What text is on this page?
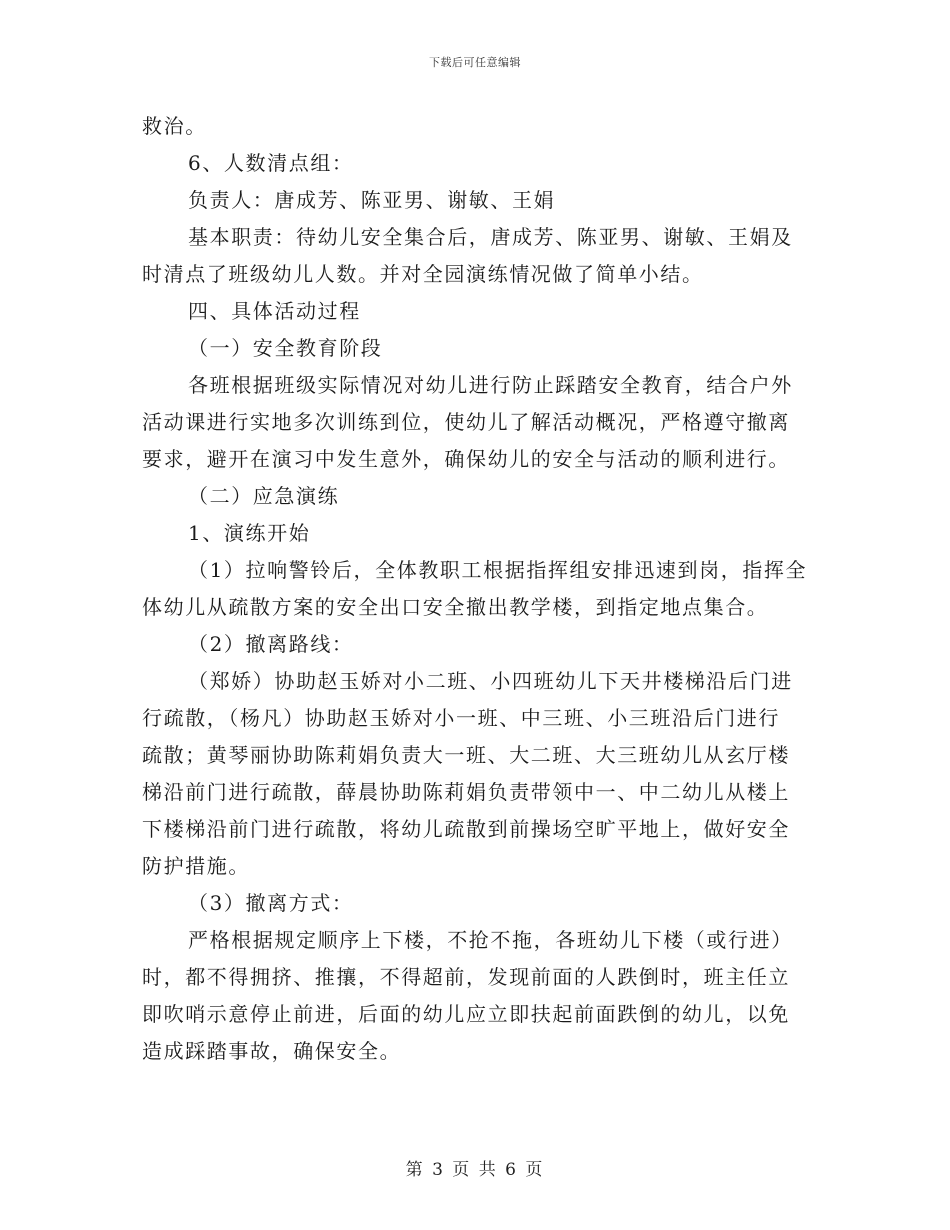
下载后可任意编辑
救治。
6、人数清点组：
负责人：唐成芳、陈亚男、谢敏、王娟
基本职责：待幼儿安全集合后，唐成芳、陈亚男、谢敏、王娟及
时清点了班级幼儿人数。并对全园演练情况做了简单小结。
四、具体活动过程
（一）安全教育阶段
各班根据班级实际情况对幼儿进行防止踩踏安全教育，结合户外
活动课进行实地多次训练到位，使幼儿了解活动概况，严格遵守撤离
要求，避开在演习中发生意外，确保幼儿的安全与活动的顺利进行。
（二）应急演练
1、演练开始
（1）拉响警铃后，全体教职工根据指挥组安排迅速到岗，指挥全
体幼儿从疏散方案的安全出口安全撤出教学楼，到指定地点集合。
（2）撤离路线：
（郑娇）协助赵玉娇对小二班、小四班幼儿下天井楼梯沿后门进
行疏散，（杨凡）协助赵玉娇对小一班、中三班、小三班沿后门进行
疏散；黄琴丽协助陈莉娟负责大一班、大二班、大三班幼儿从玄厅楼
梯沿前门进行疏散，薛晨协助陈莉娟负责带领中一、中二幼儿从楼上
下楼梯沿前门进行疏散，将幼儿疏散到前操场空旷平地上，做好安全
防护措施。
（3）撤离方式：
严格根据规定顺序上下楼，不抢不拖，各班幼儿下楼（或行进）
时，都不得拥挤、推攘，不得超前，发现前面的人跌倒时，班主任立
即吹哨示意停止前进，后面的幼儿应立即扶起前面跌倒的幼儿，以免
造成踩踏事故，确保安全。
第 3 页 共 6 页
